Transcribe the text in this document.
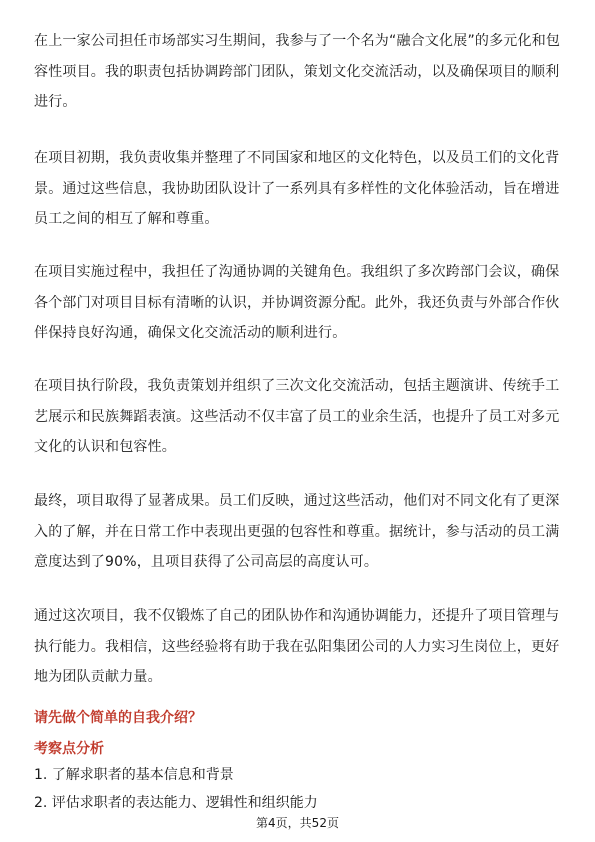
在上一家公司担任市场部实习生期间，我参与了一个名为“融合文化展”的多元化和包容性项目。我的职责包括协调跨部门团队，策划文化交流活动，以及确保项目的顺利进行。

在项目初期，我负责收集并整理了不同国家和地区的文化特色，以及员工们的文化背景。通过这些信息，我协助团队设计了一系列具有多样性的文化体验活动，旨在增进员工之间的相互了解和尊重。

在项目实施过程中，我担任了沟通协调的关键角色。我组织了多次跨部门会议，确保各个部门对项目目标有清晰的认识，并协调资源分配。此外，我还负责与外部合作伙伴保持良好沟通，确保文化交流活动的顺利进行。

在项目执行阶段，我负责策划并组织了三次文化交流活动，包括主题演讲、传统手工艺展示和民族舞蹈表演。这些活动不仅丰富了员工的业余生活，也提升了员工对多元文化的认识和包容性。

最终，项目取得了显著成果。员工们反映，通过这些活动，他们对不同文化有了更深入的了解，并在日常工作中表现出更强的包容性和尊重。据统计，参与活动的员工满意度达到了90%，且项目获得了公司高层的高度认可。

通过这次项目，我不仅锻炼了自己的团队协作和沟通协调能力，还提升了项目管理与执行能力。我相信，这些经验将有助于我在弘阳集团公司的人力实习生岗位上，更好地为团队贡献力量。

请先做个简单的自我介绍？

考察点分析

1. 了解求职者的基本信息和背景

2. 评估求职者的表达能力、逻辑性和组织能力

第4页，共52页
